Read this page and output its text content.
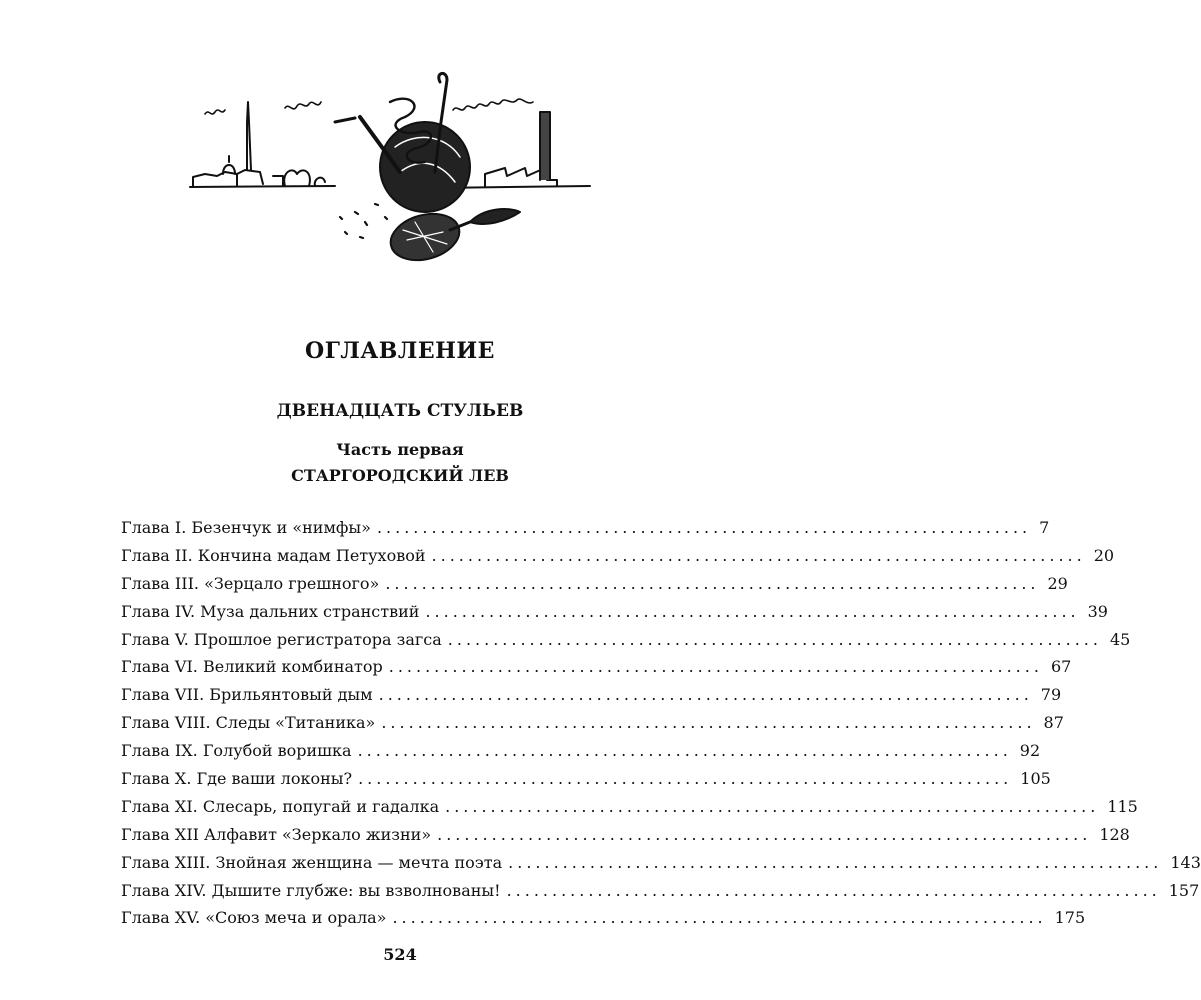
ОГЛАВЛЕНИЕ
ДВЕНАДЦАТЬ СТУЛЬЕВ
Часть первая
СТАРГОРОДСКИЙ ЛЕВ
Глава I. Безенчук и «нимфы» ........................................................................ 7
Глава II. Кончина мадам Петуховой ........................................................................ 20
Глава III. «Зерцало грешного» ........................................................................ 29
Глава IV. Муза дальних странствий ........................................................................ 39
Глава V. Прошлое регистратора загса ........................................................................ 45
Глава VI. Великий комбинатор ........................................................................ 67
Глава VII. Брильянтовый дым ........................................................................ 79
Глава VIII. Следы «Титаника» ........................................................................ 87
Глава IX. Голубой воришка ........................................................................ 92
Глава X. Где ваши локоны? ........................................................................ 105
Глава XI. Слесарь, попугай и гадалка ........................................................................ 115
Глава XII Алфавит «Зеркало жизни» ........................................................................ 128
Глава XIII. Знойная женщина — мечта поэта ........................................................................ 143
Глава XIV. Дышите глубже: вы взволнованы! ........................................................................ 157
Глава XV. «Союз меча и орала» ........................................................................ 175
524
